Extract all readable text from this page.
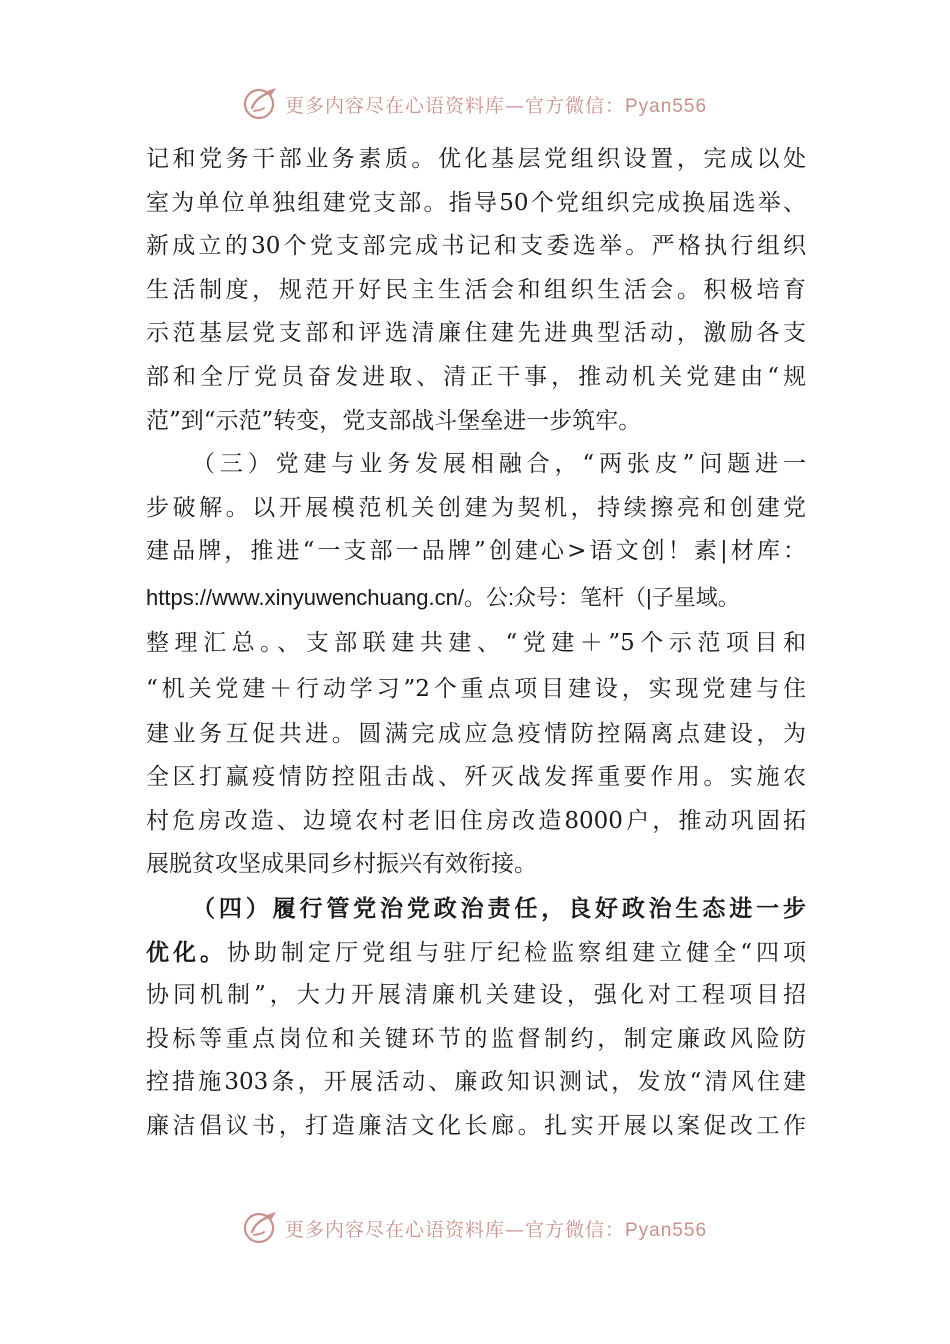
更多内容尽在心语资料库—官方微信：Pyan556
记和党务干部业务素质。优化基层党组织设置，完成以处
室为单位单独组建党支部。指导50个党组织完成换届选举、
新成立的30个党支部完成书记和支委选举。严格执行组织
生活制度，规范开好民主生活会和组织生活会。积极培育
示范基层党支部和评选清廉住建先进典型活动，激励各支
部和全厅党员奋发进取、清正干事，推动机关党建由“规
范”到“示范”转变，党支部战斗堡垒进一步筑牢。
（三）党建与业务发展相融合，“两张皮”问题进一
步破解。以开展模范机关创建为契机，持续擦亮和创建党
建品牌，推进“一支部一品牌”创建心>语文创！素|材库：
https://www.xinyuwenchuang.cn/。公:众号：笔杆（|子星域。
整理汇总。、支部联建共建、“党建＋”5个示范项目和
“机关党建＋行动学习”2个重点项目建设，实现党建与住
建业务互促共进。圆满完成应急疫情防控隔离点建设，为
全区打赢疫情防控阻击战、歼灭战发挥重要作用。实施农
村危房改造、边境农村老旧住房改造8000户，推动巩固拓
展脱贫攻坚成果同乡村振兴有效衔接。
（四）履行管党治党政治责任，良好政治生态进一步
优化。协助制定厅党组与驻厅纪检监察组建立健全“四项
协同机制”，大力开展清廉机关建设，强化对工程项目招
投标等重点岗位和关键环节的监督制约，制定廉政风险防
控措施303条，开展活动、廉政知识测试，发放“清风住建
廉洁倡议书，打造廉洁文化长廊。扎实开展以案促改工作
更多内容尽在心语资料库—官方微信：Pyan556
